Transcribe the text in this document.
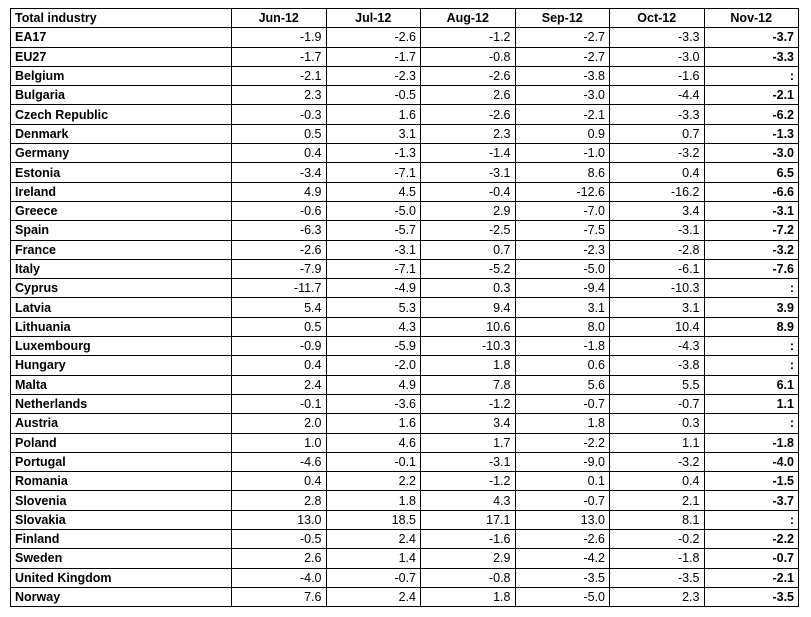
Total industry	Jun-12	Jul-12	Aug-12	Sep-12	Oct-12	Nov-12
EA17	-1.9	-2.6	-1.2	-2.7	-3.3	-3.7
EU27	-1.7	-1.7	-0.8	-2.7	-3.0	-3.3
Belgium	-2.1	-2.3	-2.6	-3.8	-1.6	:
Bulgaria	2.3	-0.5	2.6	-3.0	-4.4	-2.1
Czech Republic	-0.3	1.6	-2.6	-2.1	-3.3	-6.2
Denmark	0.5	3.1	2.3	0.9	0.7	-1.3
Germany	0.4	-1.3	-1.4	-1.0	-3.2	-3.0
Estonia	-3.4	-7.1	-3.1	8.6	0.4	6.5
Ireland	4.9	4.5	-0.4	-12.6	-16.2	-6.6
Greece	-0.6	-5.0	2.9	-7.0	3.4	-3.1
Spain	-6.3	-5.7	-2.5	-7.5	-3.1	-7.2
France	-2.6	-3.1	0.7	-2.3	-2.8	-3.2
Italy	-7.9	-7.1	-5.2	-5.0	-6.1	-7.6
Cyprus	-11.7	-4.9	0.3	-9.4	-10.3	:
Latvia	5.4	5.3	9.4	3.1	3.1	3.9
Lithuania	0.5	4.3	10.6	8.0	10.4	8.9
Luxembourg	-0.9	-5.9	-10.3	-1.8	-4.3	:
Hungary	0.4	-2.0	1.8	0.6	-3.8	:
Malta	2.4	4.9	7.8	5.6	5.5	6.1
Netherlands	-0.1	-3.6	-1.2	-0.7	-0.7	1.1
Austria	2.0	1.6	3.4	1.8	0.3	:
Poland	1.0	4.6	1.7	-2.2	1.1	-1.8
Portugal	-4.6	-0.1	-3.1	-9.0	-3.2	-4.0
Romania	0.4	2.2	-1.2	0.1	0.4	-1.5
Slovenia	2.8	1.8	4.3	-0.7	2.1	-3.7
Slovakia	13.0	18.5	17.1	13.0	8.1	:
Finland	-0.5	2.4	-1.6	-2.6	-0.2	-2.2
Sweden	2.6	1.4	2.9	-4.2	-1.8	-0.7
United Kingdom	-4.0	-0.7	-0.8	-3.5	-3.5	-2.1
Norway	7.6	2.4	1.8	-5.0	2.3	-3.5
